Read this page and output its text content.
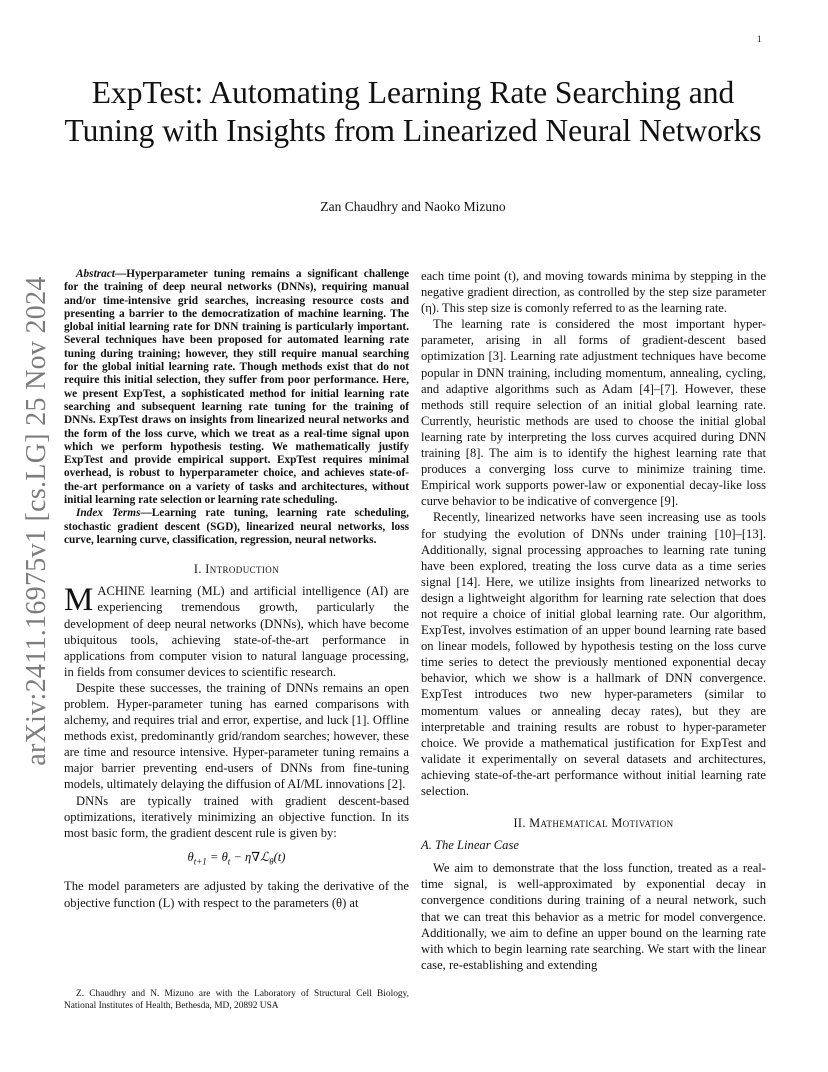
1
arXiv:2411.16975v1 [cs.LG] 25 Nov 2024
ExpTest: Automating Learning Rate Searching and Tuning with Insights from Linearized Neural Networks
Zan Chaudhry and Naoko Mizuno

Abstract—Hyperparameter tuning remains a significant challenge for the training of deep neural networks (DNNs), requiring manual and/or time-intensive grid searches, increasing resource costs and presenting a barrier to the democratization of machine learning. The global initial learning rate for DNN training is particularly important. Several techniques have been proposed for automated learning rate tuning during training; however, they still require manual searching for the global initial learning rate. Though methods exist that do not require this initial selection, they suffer from poor performance. Here, we present ExpTest, a sophisticated method for initial learning rate searching and subsequent learning rate tuning for the training of DNNs. ExpTest draws on insights from linearized neural networks and the form of the loss curve, which we treat as a real-time signal upon which we perform hypothesis testing. We mathematically justify ExpTest and provide empirical support. ExpTest requires minimal overhead, is robust to hyperparameter choice, and achieves state-of-the-art performance on a variety of tasks and architectures, without initial learning rate selection or learning rate scheduling.

Index Terms—Learning rate tuning, learning rate scheduling, stochastic gradient descent (SGD), linearized neural networks, loss curve, learning curve, classification, regression, neural networks.

I. Introduction

MACHINE learning (ML) and artificial intelligence (AI) are experiencing tremendous growth, particularly the development of deep neural networks (DNNs), which have become ubiquitous tools, achieving state-of-the-art performance in applications from computer vision to natural language processing, in fields from consumer devices to scientific research.

Despite these successes, the training of DNNs remains an open problem. Hyper-parameter tuning has earned comparisons with alchemy, and requires trial and error, expertise, and luck [1]. Offline methods exist, predominantly grid/random searches; however, these are time and resource intensive. Hyper-parameter tuning remains a major barrier preventing end-users of DNNs from fine-tuning models, ultimately delaying the diffusion of AI/ML innovations [2].

DNNs are typically trained with gradient descent-based optimizations, iteratively minimizing an objective function. In its most basic form, the gradient descent rule is given by:

$\theta_{t+1} = \theta_t$ − η∇ℒ$_\theta$(t)

The model parameters are adjusted by taking the derivative of the objective function (L) with respect to the parameters (θ) at

each time point (t), and moving towards minima by stepping in the negative gradient direction, as controlled by the step size parameter (η). This step size is comonly referred to as the learning rate.

The learning rate is considered the most important hyper-parameter, arising in all forms of gradient-descent based optimization [3]. Learning rate adjustment techniques have become popular in DNN training, including momentum, annealing, cycling, and adaptive algorithms such as Adam [4]–[7]. However, these methods still require selection of an initial global learning rate. Currently, heuristic methods are used to choose the initial global learning rate by interpreting the loss curves acquired during DNN training [8]. The aim is to identify the highest learning rate that produces a converging loss curve to minimize training time. Empirical work supports power-law or exponential decay-like loss curve behavior to be indicative of convergence [9].

Recently, linearized networks have seen increasing use as tools for studying the evolution of DNNs under training [10]–[13]. Additionally, signal processing approaches to learning rate tuning have been explored, treating the loss curve data as a time series signal [14]. Here, we utilize insights from linearized networks to design a lightweight algorithm for learning rate selection that does not require a choice of initial global learning rate. Our algorithm, ExpTest, involves estimation of an upper bound learning rate based on linear models, followed by hypothesis testing on the loss curve time series to detect the previously mentioned exponential decay behavior, which we show is a hallmark of DNN convergence. ExpTest introduces two new hyper-parameters (similar to momentum values or annealing decay rates), but they are interpretable and training results are robust to hyper-parameter choice. We provide a mathematical justification for ExpTest and validate it experimentally on several datasets and architectures, achieving state-of-the-art performance without initial learning rate selection.

II. Mathematical Motivation
A. The Linear Case

We aim to demonstrate that the loss function, treated as a real-time signal, is well-approximated by exponential decay in convergence conditions during training of a neural network, such that we can treat this behavior as a metric for model convergence. Additionally, we aim to define an upper bound on the learning rate with which to begin learning rate searching. We start with the linear case, re-establishing and extending

Z. Chaudhry and N. Mizuno are with the Laboratory of Structural Cell Biology, National Institutes of Health, Bethesda, MD, 20892 USA
